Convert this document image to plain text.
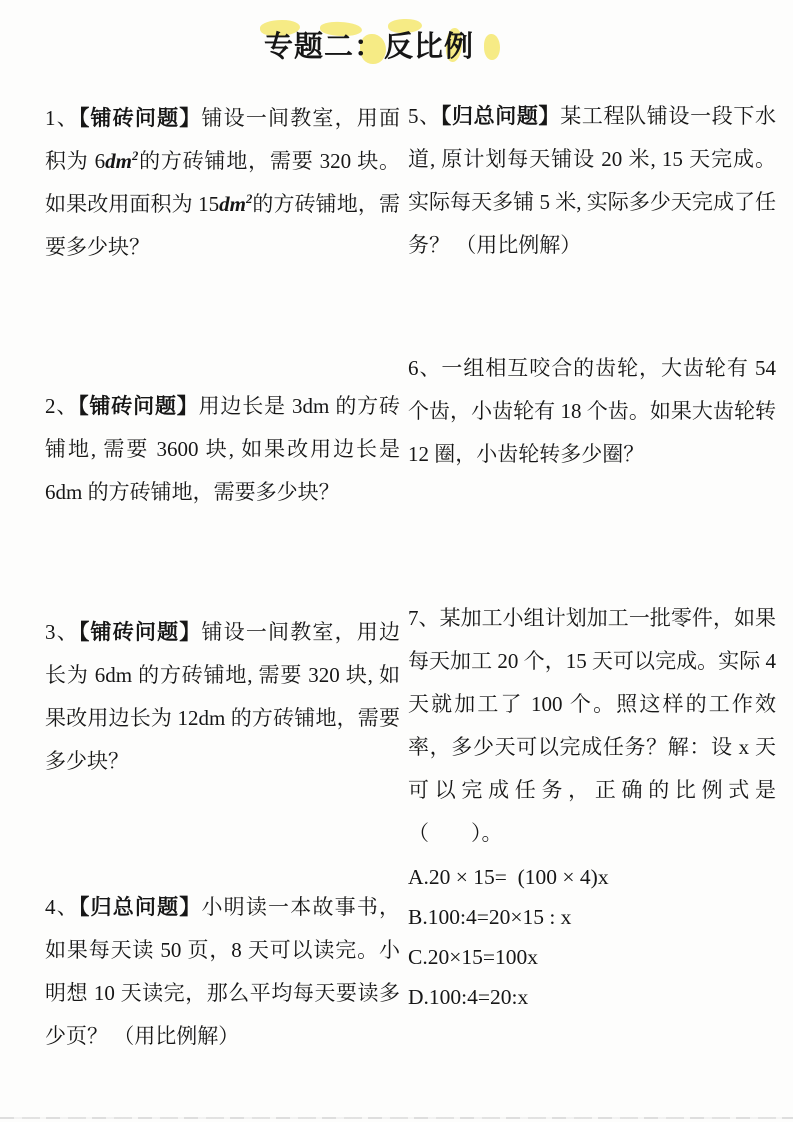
专题二：反比例

1、【铺砖问题】铺设一间教室，用面积为 $6dm^2$的方砖铺地，需要 320 块。如果改用面积为 $15dm^2$的方砖铺地，需要多少块？

2、【铺砖问题】用边长是 3dm 的方砖铺地, 需要 3600 块, 如果改用边长是 6dm 的方砖铺地，需要多少块？

3、【铺砖问题】铺设一间教室，用边长为 6dm 的方砖铺地, 需要 320 块, 如果改用边长为 12dm 的方砖铺地，需要多少块？

4、【归总问题】小明读一本故事书，如果每天读 50 页，8 天可以读完。小明想 10 天读完，那么平均每天要读多少页？ （用比例解）

5、【归总问题】某工程队铺设一段下水道, 原计划每天铺设 20 米, 15 天完成。实际每天多铺 5 米, 实际多少天完成了任务？ （用比例解）

6、一组相互咬合的齿轮，大齿轮有 54 个齿，小齿轮有 18 个齿。如果大齿轮转 12 圈，小齿轮转多少圈？

7、某加工小组计划加工一批零件，如果每天加工 20 个，15 天可以完成。实际 4 天就加工了 100 个。照这样的工作效率，多少天可以完成任务？解：设 x 天可以完成任务，正确的比例式是（　　）。

A.20 × 15=  (100 × 4)x
B.100:4=20×15 : x
C.20×15=100x
D.100:4=20:x
